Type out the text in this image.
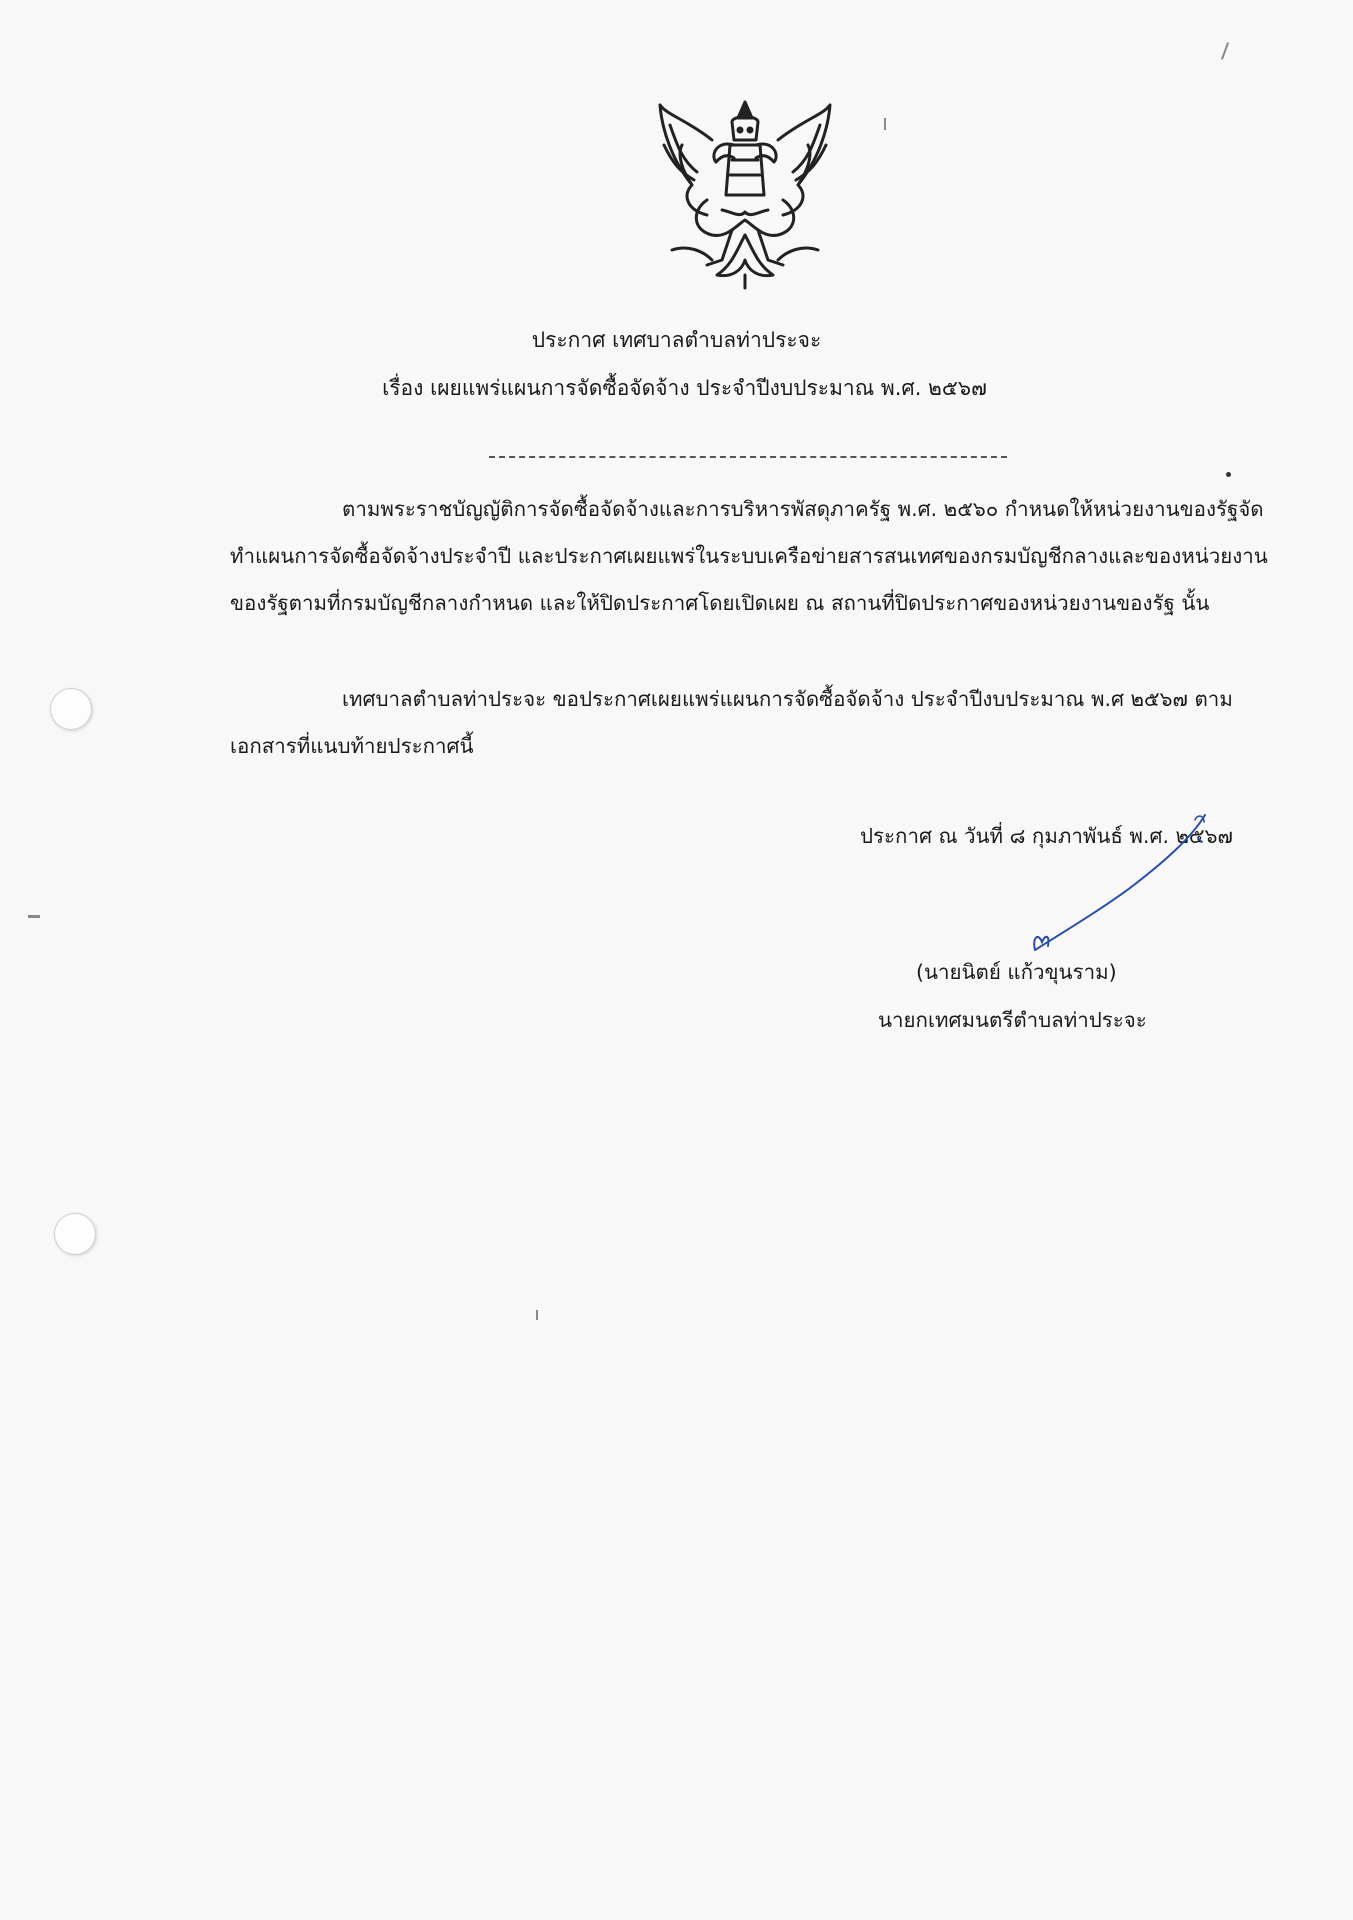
ประกาศ เทศบาลตำบลท่าประจะ
เรื่อง เผยแพร่แผนการจัดซื้อจัดจ้าง ประจำปีงบประมาณ พ.ศ. ๒๕๖๗

ตามพระราชบัญญัติการจัดซื้อจัดจ้างและการบริหารพัสดุภาครัฐ พ.ศ. ๒๕๖๐ กำหนดให้หน่วยงานของรัฐจัดทำแผนการจัดซื้อจัดจ้างประจำปี และประกาศเผยแพร่ในระบบเครือข่ายสารสนเทศของกรมบัญชีกลางและของหน่วยงานของรัฐตามที่กรมบัญชีกลางกำหนด และให้ปิดประกาศโดยเปิดเผย ณ สถานที่ปิดประกาศของหน่วยงานของรัฐ นั้น

เทศบาลตำบลท่าประจะ ขอประกาศเผยแพร่แผนการจัดซื้อจัดจ้าง ประจำปีงบประมาณ พ.ศ ๒๕๖๗ ตามเอกสารที่แนบท้ายประกาศนี้

ประกาศ ณ วันที่ ๘ กุมภาพันธ์ พ.ศ. ๒๕๖๗
(นายนิตย์ แก้วขุนราม)
นายกเทศมนตรีตำบลท่าประจะ
